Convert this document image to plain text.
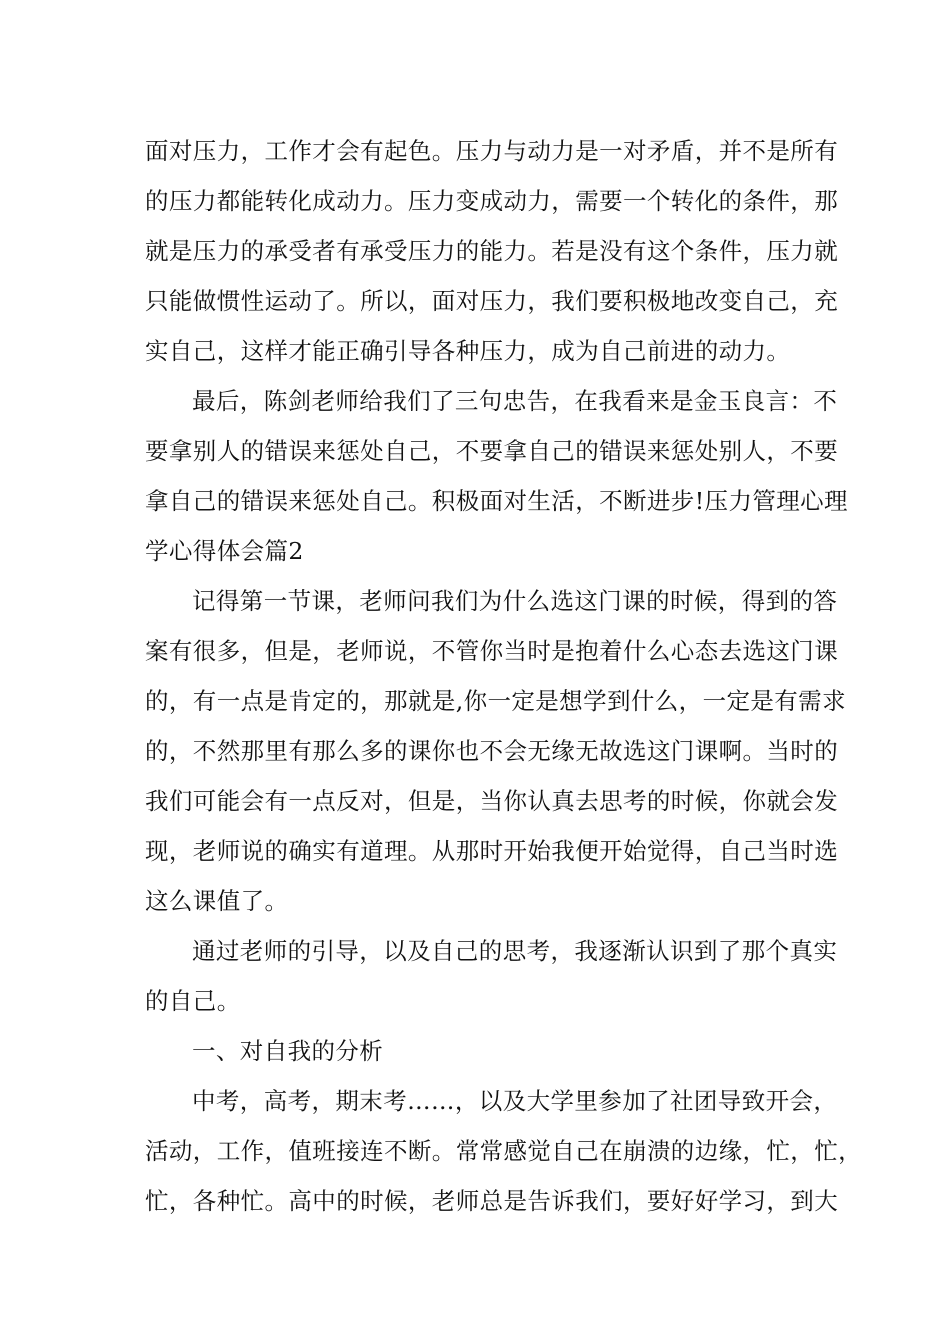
面对压力，工作才会有起色。压力与动力是一对矛盾，并不是所有
的压力都能转化成动力。压力变成动力，需要一个转化的条件，那
就是压力的承受者有承受压力的能力。若是没有这个条件，压力就
只能做惯性运动了。所以，面对压力，我们要积极地改变自己，充
实自己，这样才能正确引导各种压力，成为自己前进的动力。
最后，陈剑老师给我们了三句忠告，在我看来是金玉良言：不
要拿别人的错误来惩处自己，不要拿自己的错误来惩处别人，不要
拿自己的错误来惩处自己。积极面对生活，不断进步!压力管理心理
学心得体会篇2
记得第一节课，老师问我们为什么选这门课的时候，得到的答
案有很多，但是，老师说，不管你当时是抱着什么心态去选这门课
的，有一点是肯定的，那就是,你一定是想学到什么，一定是有需求
的，不然那里有那么多的课你也不会无缘无故选这门课啊。当时的
我们可能会有一点反对，但是，当你认真去思考的时候，你就会发
现，老师说的确实有道理。从那时开始我便开始觉得，自己当时选
这么课值了。
通过老师的引导，以及自己的思考，我逐渐认识到了那个真实
的自己。
一、对自我的分析
中考，高考，期末考……，以及大学里参加了社团导致开会，
活动，工作，值班接连不断。常常感觉自己在崩溃的边缘，忙，忙，
忙，各种忙。高中的时候，老师总是告诉我们，要好好学习，到大
